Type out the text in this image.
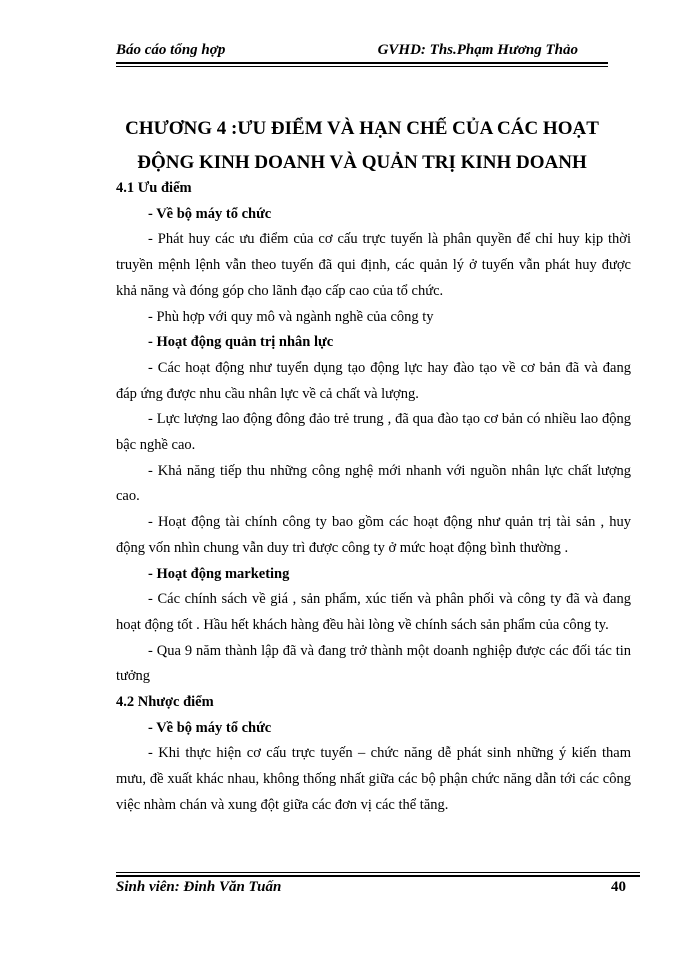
Báo cáo tổng hợp	GVHD: Ths.Phạm Hương Thảo
CHƯƠNG 4 :ƯU ĐIỂM VÀ HẠN CHẾ CỦA CÁC HOẠT
ĐỘNG KINH DOANH VÀ QUẢN TRỊ KINH DOANH

4.1 Ưu điểm

- Về bộ máy tổ chức

- Phát huy các ưu điểm của cơ cấu trực tuyến là phân quyền để chỉ huy kịp thời truyền mệnh lệnh vẫn theo tuyến đã qui định, các quản lý ở tuyến vẫn phát huy được khả năng và đóng góp cho lãnh đạo cấp cao của tổ chức.

- Phù hợp với quy mô và ngành nghề của công ty

- Hoạt động quản trị nhân lực

- Các hoạt động như tuyển dụng tạo động lực hay đào tạo về cơ bản đã và đang đáp ứng được nhu cầu nhân lực về cả chất và lượng.

- Lực lượng lao động đông đảo trẻ trung , đã qua đào tạo cơ bản có nhiều lao động bậc nghề cao.

- Khả năng tiếp thu những công nghệ mới nhanh với nguồn nhân lực chất lượng cao.

- Hoạt động tài chính công ty bao gồm các hoạt động như quản trị tài sản , huy động vốn nhìn chung vẫn duy trì được công ty ở mức hoạt động bình thường .

- Hoạt động marketing

- Các chính sách về giá , sản phẩm, xúc tiến và phân phối và công ty đã và đang hoạt động tốt . Hầu hết khách hàng đều hài lòng về chính sách sản phẩm của công ty.

- Qua 9 năm thành lập đã và đang trở thành một doanh nghiệp được các đối tác tin tưởng

4.2 Nhược điểm

- Về bộ máy tổ chức

- Khi thực hiện cơ cấu trực tuyến – chức năng dễ phát sinh những ý kiến tham mưu, đề xuất khác nhau, không thống nhất giữa các bộ phận chức năng dẫn tới các công việc nhàm chán và xung đột giữa các đơn vị các thể tăng.

Sinh viên: Đinh Văn Tuấn	40
